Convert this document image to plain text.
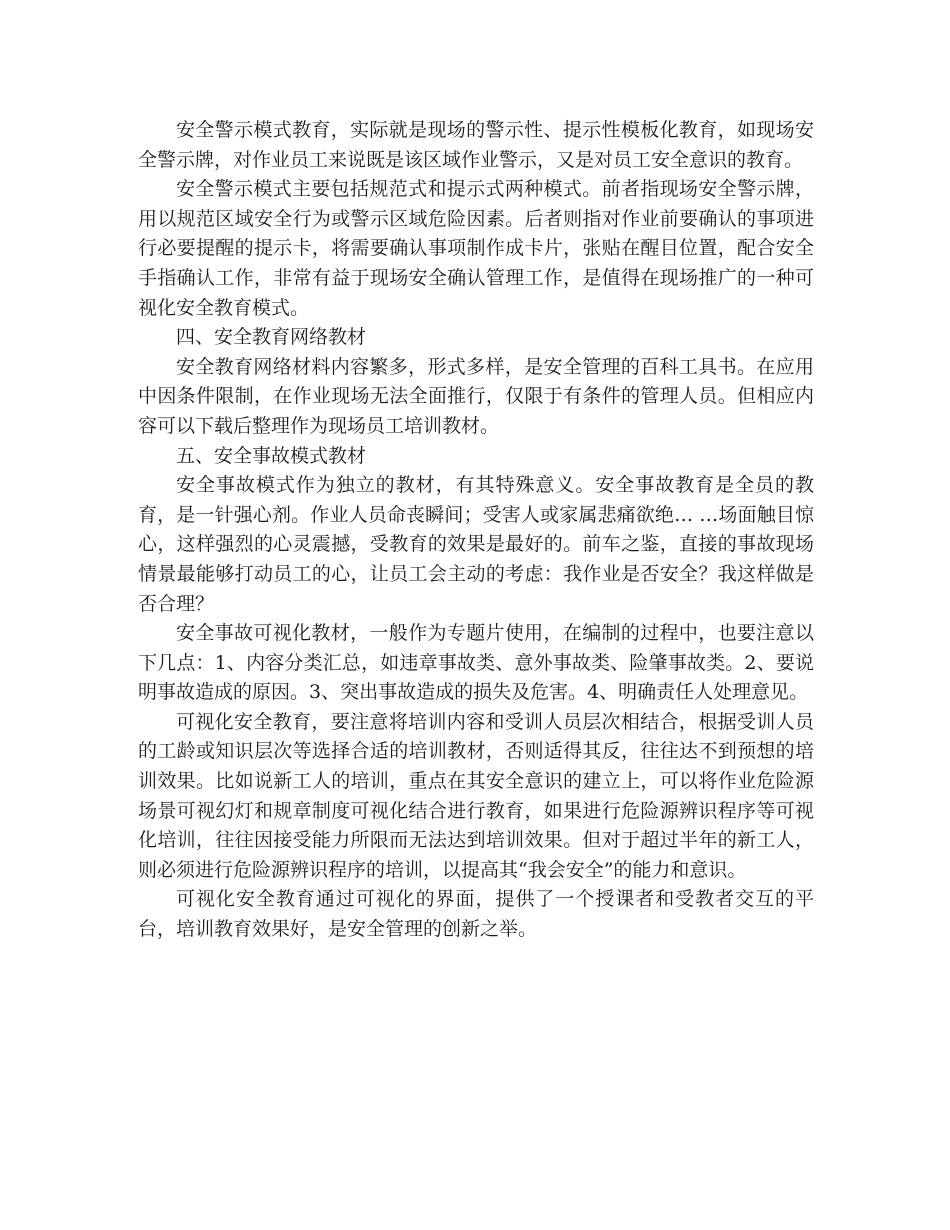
安全警示模式教育，实际就是现场的警示性、提示性模板化教育，如现场安全警示牌，对作业员工来说既是该区域作业警示，又是对员工安全意识的教育。

安全警示模式主要包括规范式和提示式两种模式。前者指现场安全警示牌，用以规范区域安全行为或警示区域危险因素。后者则指对作业前要确认的事项进行必要提醒的提示卡，将需要确认事项制作成卡片，张贴在醒目位置，配合安全手指确认工作，非常有益于现场安全确认管理工作，是值得在现场推广的一种可视化安全教育模式。

四、安全教育网络教材

安全教育网络材料内容繁多，形式多样，是安全管理的百科工具书。在应用中因条件限制，在作业现场无法全面推行，仅限于有条件的管理人员。但相应内容可以下载后整理作为现场员工培训教材。

五、安全事故模式教材

安全事故模式作为独立的教材，有其特殊意义。安全事故教育是全员的教育，是一针强心剂。作业人员命丧瞬间；受害人或家属悲痛欲绝… …场面触目惊心，这样强烈的心灵震撼，受教育的效果是最好的。前车之鉴，直接的事故现场情景最能够打动员工的心，让员工会主动的考虑：我作业是否安全？我这样做是否合理？

安全事故可视化教材，一般作为专题片使用，在编制的过程中，也要注意以下几点：1、内容分类汇总，如违章事故类、意外事故类、险肇事故类。2、要说明事故造成的原因。3、突出事故造成的损失及危害。4、明确责任人处理意见。

可视化安全教育，要注意将培训内容和受训人员层次相结合，根据受训人员的工龄或知识层次等选择合适的培训教材，否则适得其反，往往达不到预想的培训效果。比如说新工人的培训，重点在其安全意识的建立上，可以将作业危险源场景可视幻灯和规章制度可视化结合进行教育，如果进行危险源辨识程序等可视化培训，往往因接受能力所限而无法达到培训效果。但对于超过半年的新工人，则必须进行危险源辨识程序的培训，以提高其“我会安全”的能力和意识。

可视化安全教育通过可视化的界面，提供了一个授课者和受教者交互的平台，培训教育效果好，是安全管理的创新之举。
